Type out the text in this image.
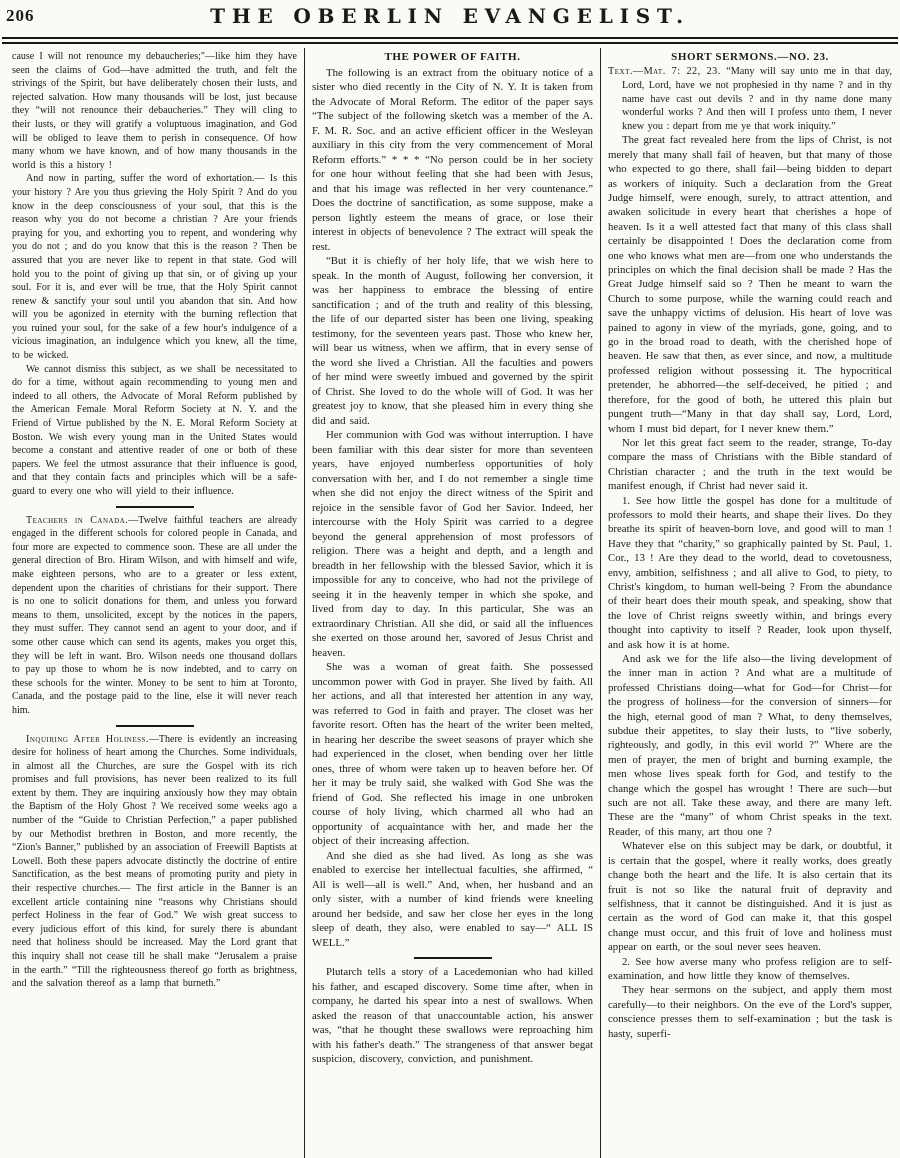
206	THE OBERLIN EVANGELIST.

cause I will not renounce my debaucheries;"—like him they have seen the claims of God—have admitted the truth, and felt the strivings of the Spirit, but have deliberately chosen their lusts, and rejected salvation. How many thousands will be lost, just because they “will not renounce their debaucheries.” They will cling to their lusts, or they will gratify a voluptuous imagination, and God will be obliged to leave them to perish in consequence. Of how many whom we have known, and of how many thousands in the world is this a history !

And now in parting, suffer the word of exhortation.— Is this your history ? Are you thus grieving the Holy Spirit ? And do you know in the deep consciousness of your soul, that this is the reason why you do not become a christian ? Are your friends praying for you, and exhorting you to repent, and wondering why you do not ; and do you know that this is the reason ? Then be assured that you are never like to repent in that state. God will hold you to the point of giving up that sin, or of giving up your soul. For it is, and ever will be true, that the Holy Spirit cannot renew & sanctify your soul until you abandon that sin. And how will you be agonized in eternity with the burning reflection that you ruined your soul, for the sake of a few hour's indulgence of a vicious imagination, an indulgence which you knew, all the time, to be wicked.

We cannot dismiss this subject, as we shall be necessitated to do for a time, without again recommending to young men and indeed to all others, the Advocate of Moral Reform published by the American Female Moral Reform Society at N. Y. and the Friend of Virtue published by the N. E. Moral Reform Society at Boston. We wish every young man in the United States would become a constant and attentive reader of one or both of these papers. We feel the utmost assurance that their influence is good, and that they contain facts and principles which will be a safe-guard to every one who will yield to their influence.

Teachers in Canada.—Twelve faithful teachers are already engaged in the different schools for colored people in Canada, and four more are expected to commence soon. These are all under the general direction of Bro. Hiram Wilson, and with himself and wife, make eighteen persons, who are to a greater or less extent, dependent upon the charities of christians for their support. There is no one to solicit donations for them, and unless you forward means to them, unsolicited, except by the notices in the papers, they must suffer. They cannot send an agent to your door, and if some other cause which can send its agents, makes you orget this, they will be left in want. Bro. Wilson needs one thousand dollars to pay up those to whom he is now indebted, and to carry on these schools for the winter. Money to be sent to him at Toronto, Canada, and the postage paid to the line, else it will never reach him.

Inquiring After Holiness.—There is evidently an increasing desire for holiness of heart among the Churches. Some individuals, in almost all the Churches, are sure the Gospel with its rich promises and full provisions, has never been realized to its full extent by them. They are inquiring anxiously how they may obtain the Baptism of the Holy Ghost ? We received some weeks ago a number of the “Guide to Christian Perfection,” a paper published by our Methodist brethren in Boston, and more recently, the “Zion's Banner,” published by an association of Freewill Baptists at Lowell. Both these papers advocate distinctly the doctrine of entire Sanctification, as the best means of promoting purity and piety in their respective churches.— The first article in the Banner is an excellent article containing nine “reasons why Christians should perfect Holiness in the fear of God.” We wish great success to every judicious effort of this kind, for surely there is abundant need that holiness should be increased. May the Lord grant that this inquiry shall not cease till he shall make “Jerusalem a praise in the earth.” “Till the righteousness thereof go forth as brightness, and the salvation thereof as a lamp that burneth.”

THE POWER OF FAITH.

The following is an extract from the obituary notice of a sister who died recently in the City of N. Y. It is taken from the Advocate of Moral Reform. The editor of the paper says “The subject of the following sketch was a member of the A. F. M. R. Soc. and an active efficient officer in the Wesleyan auxiliary in this city from the very commencement of Moral Reform efforts.” * * * “No person could be in her society for one hour without feeling that she had been with Jesus, and that his image was reflected in her very countenance.” Does the doctrine of sanctification, as some suppose, make a person lightly esteem the means of grace, or lose their interest in objects of benevolence ? The extract will speak the rest.

“But it is chiefly of her holy life, that we wish here to speak. In the month of August, following her conversion, it was her happiness to embrace the blessing of entire sanctification ; and of the truth and reality of this blessing, the life of our departed sister has been one living, speaking testimony, for the seventeen years past. Those who knew her, will bear us witness, when we affirm, that in every sense of the word she lived a Christian. All the faculties and powers of her mind were sweetly imbued and governed by the spirit of Christ. She loved to do the whole will of God. It was her greatest joy to know, that she pleased him in every thing she did and said.

Her communion with God was without interruption. I have been familiar with this dear sister for more than seventeen years, have enjoyed numberless opportunities of holy conversation with her, and I do not remember a single time when she did not enjoy the direct witness of the Spirit and rejoice in the sensible favor of God her Savior. Indeed, her intercourse with the Holy Spirit was carried to a degree beyond the general apprehension of most professors of religion. There was a height and depth, and a length and breadth in her fellowship with the blessed Savior, which it is impossible for any to conceive, who had not the privilege of seeing it in the heavenly temper in which she spoke, and lived from day to day. In this particular, She was an extraordinary Christian. All she did, or said all the influences she exerted on those around her, savored of Jesus Christ and heaven.

She was a woman of great faith. She possessed uncommon power with God in prayer. She lived by faith. All her actions, and all that interested her attention in any way, was referred to God in faith and prayer. The closet was her favorite resort. Often has the heart of the writer been melted, in hearing her describe the sweet seasons of prayer which she had experienced in the closet, when bending over her little ones, three of whom were taken up to heaven before her. Of her it may be truly said, she walked with God She was the friend of God. She reflected his image in one unbroken course of holy living, which charmed all who had an opportunity of acquaintance with her, and made her the object of their increasing affection.

And she died as she had lived. As long as she was enabled to exercise her intellectual faculties, she affirmed, “ All is well—all is well.” And, when, her husband and an only sister, with a number of kind friends were kneeling around her bedside, and saw her close her eyes in the long sleep of death, they also, were enabled to say—“ ALL IS WELL.”

Plutarch tells a story of a Lacedemonian who had killed his father, and escaped discovery. Some time after, when in company, he darted his spear into a nest of swallows. When asked the reason of that unaccountable action, his answer was, “that he thought these swallows were reproaching him with his father's death.” The strangeness of that answer begat suspicion, discovery, conviction, and punishment.

SHORT SERMONS.—NO. 23.

Text.—Mat. 7: 22, 23. “Many will say unto me in that day, Lord, Lord, have we not prophesied in thy name ? and in thy name have cast out devils ? and in thy name done many wonderful works ? And then will I profess unto them, I never knew you : depart from me ye that work iniquity.”

The great fact revealed here from the lips of Christ, is not merely that many shall fail of heaven, but that many of those who expected to go there, shall fail—being bidden to depart as workers of iniquity. Such a declaration from the Great Judge himself, were enough, surely, to attract attention, and awaken solicitude in every heart that cherishes a hope of heaven. Is it a well attested fact that many of this class shall certainly be disappointed ! Does the declaration come from one who knows what men are—from one who understands the principles on which the final decision shall be made ? Has the Great Judge himself said so ? Then he meant to warn the Church to some purpose, while the warning could reach and save the unhappy victims of delusion. His heart of love was pained to agony in view of the myriads, gone, going, and to go in the broad road to death, with the cherished hope of heaven. He saw that then, as ever since, and now, a multitude professed religion without possessing it. The hypocritical pretender, he abhorred—the self-deceived, he pitied ; and therefore, for the good of both, he uttered this plain but pungent truth—“Many in that day shall say, Lord, Lord, whom I must bid depart, for I never knew them.”

Nor let this great fact seem to the reader, strange, To-day compare the mass of Christians with the Bible standard of Christian character ; and the truth in the text would be manifest enough, if Christ had never said it.

1. See how little the gospel has done for a multitude of professors to mold their hearts, and shape their lives. Do they breathe its spirit of heaven-born love, and good will to man ! Have they that “charity,” so graphically painted by St. Paul, 1. Cor., 13 ! Are they dead to the world, dead to covetousness, envy, ambition, selfishness ; and all alive to God, to piety, to Christ's kingdom, to human well-being ? From the abundance of their heart does their mouth speak, and speaking, show that the love of Christ reigns sweetly within, and brings every thought into captivity to itself ? Reader, look upon thyself, and ask how it is at home.

And ask we for the life also—the living development of the inner man in action ? And what are a multitude of professed Christians doing—what for God—for Christ—for the progress of holiness—for the conversion of sinners—for the high, eternal good of man ? What, to deny themselves, subdue their appetites, to slay their lusts, to “live soberly, righteously, and godly, in this evil world ?” Where are the men of prayer, the men of bright and burning example, the men whose lives speak forth for God, and testify to the change which the gospel has wrought ! There are such—but such are not all. Take these away, and there are many left. These are the “many” of whom Christ speaks in the text. Reader, of this many, art thou one ?

Whatever else on this subject may be dark, or doubtful, it is certain that the gospel, where it really works, does greatly change both the heart and the life. It is also certain that its fruit is not so like the natural fruit of depravity and selfishness, that it cannot be distinguished. And it is just as certain as the word of God can make it, that this gospel change must occur, and this fruit of love and holiness must appear on earth, or the soul never sees heaven.

2. See how averse many who profess religion are to self-examination, and how little they know of themselves.

They hear sermons on the subject, and apply them most carefully—to their neighbors. On the eve of the Lord's supper, conscience presses them to self-examination ; but the task is hasty, superfi-
